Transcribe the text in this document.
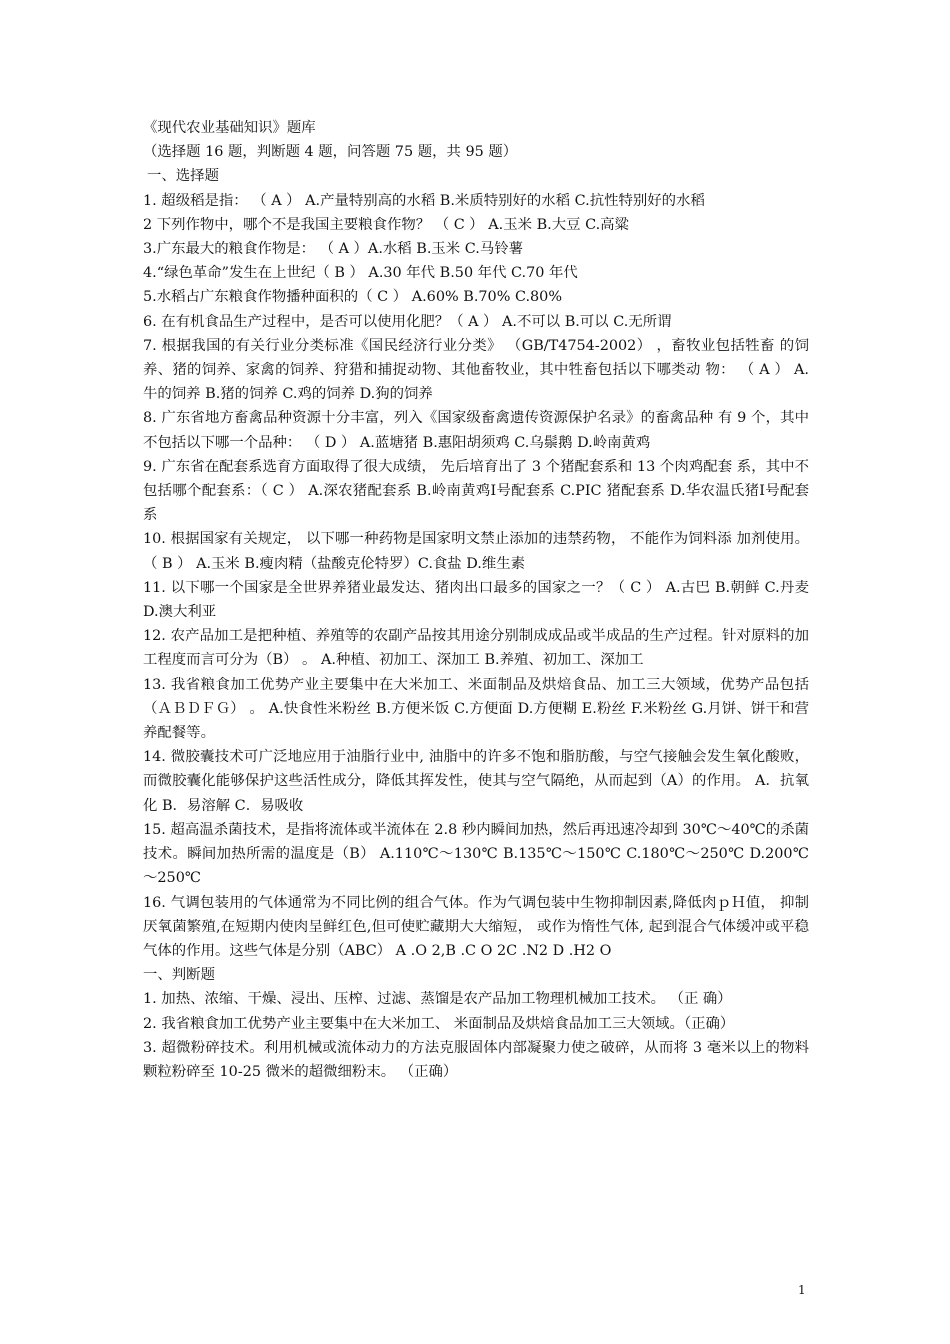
《现代农业基础知识》题库
（选择题 16 题，判断题 4 题，问答题 75 题，共 95 题）
一、选择题
1. 超级稻是指： （ A ） A.产量特别高的水稻 B.米质特别好的水稻 C.抗性特别好的水稻
2 下列作物中，哪个不是我国主要粮食作物？ （ C ） A.玉米 B.大豆 C.高粱
3.广东最大的粮食作物是： （ A ）A.水稻 B.玉米 C.马铃薯
4.“绿色革命”发生在上世纪（ B ） A.30 年代 B.50 年代 C.70 年代
5.水稻占广东粮食作物播种面积的（ C ） A.60% B.70% C.80%
6. 在有机食品生产过程中，是否可以使用化肥？（ A ） A.不可以 B.可以 C.无所谓
7. 根据我国的有关行业分类标准《国民经济行业分类》 （GB/T4754-2002） ，畜牧业包括牲畜 的饲养、猪的饲养、家禽的饲养、狩猎和捕捉动物、其他畜牧业，其中牲畜包括以下哪类动 物： （ A ） A.牛的饲养 B.猪的饲养 C.鸡的饲养 D.狗的饲养
8. 广东省地方畜禽品种资源十分丰富，列入《国家级畜禽遗传资源保护名录》的畜禽品种 有 9 个，其中不包括以下哪一个品种： （ D ） A.蓝塘猪 B.惠阳胡须鸡 C.乌鬃鹅 D.岭南黄鸡
9. 广东省在配套系选育方面取得了很大成绩， 先后培育出了 3 个猪配套系和 13 个肉鸡配套 系，其中不包括哪个配套系：（ C ） A.深农猪配套系 B.岭南黄鸡Ⅰ号配套系 C.PIC 猪配套系 D.华农温氏猪Ⅰ号配套系
10. 根据国家有关规定， 以下哪一种药物是国家明文禁止添加的违禁药物， 不能作为饲料添 加剂使用。 （ B ） A.玉米 B.瘦肉精（盐酸克伦特罗）C.食盐 D.维生素
11. 以下哪一个国家是全世界养猪业最发达、猪肉出口最多的国家之一？（ C ） A.古巴 B.朝鲜 C.丹麦 D.澳大利亚
12. 农产品加工是把种植、养殖等的农副产品按其用途分别制成成品或半成品的生产过程。针对原料的加工程度而言可分为（B） 。 A.种植、初加工、深加工 B.养殖、初加工、深加工
13. 我省粮食加工优势产业主要集中在大米加工、米面制品及烘焙食品、加工三大领域，优势产品包括（ＡＢＤＦＧ） 。 A.快食性米粉丝 B.方便米饭 C.方便面 D.方便糊 E.粉丝 F.米粉丝 G.月饼、饼干和营养配餐等。
14. 微胶囊技术可广泛地应用于油脂行业中, 油脂中的许多不饱和脂肪酸，与空气接触会发生氧化酸败，而微胶囊化能够保护这些活性成分，降低其挥发性，使其与空气隔绝，从而起到（A）的作用。 A．抗氧化 B．易溶解 C．易吸收
15. 超高温杀菌技术，是指将流体或半流体在 2.8 秒内瞬间加热，然后再迅速冷却到 30℃～40℃的杀菌技术。瞬间加热所需的温度是（B） A.110℃～130℃ B.135℃～150℃ C.180℃～250℃ D.200℃～250℃
16. 气调包装用的气体通常为不同比例的组合气体。作为气调包装中生物抑制因素,降低肉ｐＨ值， 抑制厌氧菌繁殖,在短期内使肉呈鲜红色,但可使贮藏期大大缩短， 或作为惰性气体, 起到混合气体缓冲或平稳气体的作用。这些气体是分别（ABC） A .O 2,B .C O 2C .N2 D .H2 O
一、判断题
1. 加热、浓缩、干燥、浸出、压榨、过滤、蒸馏是农产品加工物理机械加工技术。 （正 确）
2. 我省粮食加工优势产业主要集中在大米加工、 米面制品及烘焙食品加工三大领域。（正确）
3. 超微粉碎技术。利用机械或流体动力的方法克服固体内部凝聚力使之破碎，从而将 3 毫米以上的物料颗粒粉碎至 10-25 微米的超微细粉末。 （正确）
1
